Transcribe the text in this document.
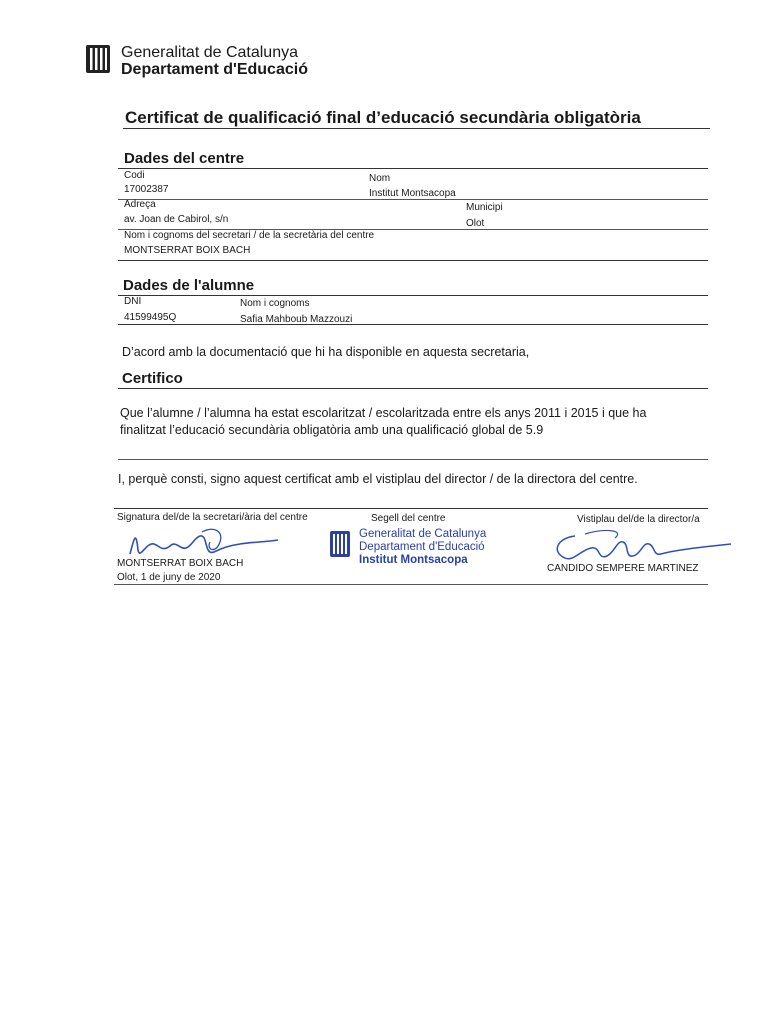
Generalitat de Catalunya
Departament d'Educació
Certificat de qualificació final d’educació secundària obligatòria
Dades del centre
Codi
17002387
Nom
Institut Montsacopa
Adreça
av. Joan de Cabirol, s/n
Municipi
Olot
Nom i cognoms del secretari / de la secretària del centre
MONTSERRAT BOIX BACH
Dades de l'alumne
DNI
41599495Q
Nom i cognoms
Safia Mahboub Mazzouzi
D’acord amb la documentació que hi ha disponible en aquesta secretaria,
Certifico
Que l’alumne / l’alumna ha estat escolaritzat / escolaritzada entre els anys 2011 i 2015 i que ha
finalitzat l’educació secundària obligatòria amb una qualificació global de 5.9
I, perquè consti, signo aquest certificat amb el vistiplau del director / de la directora del centre.
Signatura del/de la secretari/ària del centre
MONTSERRAT BOIX BACH
Olot, 1 de juny de 2020
Segell del centre
Generalitat de Catalunya
Departament d'Educació
Institut Montsacopa
Vistiplau del/de la director/a
CANDIDO SEMPERE MARTINEZ
